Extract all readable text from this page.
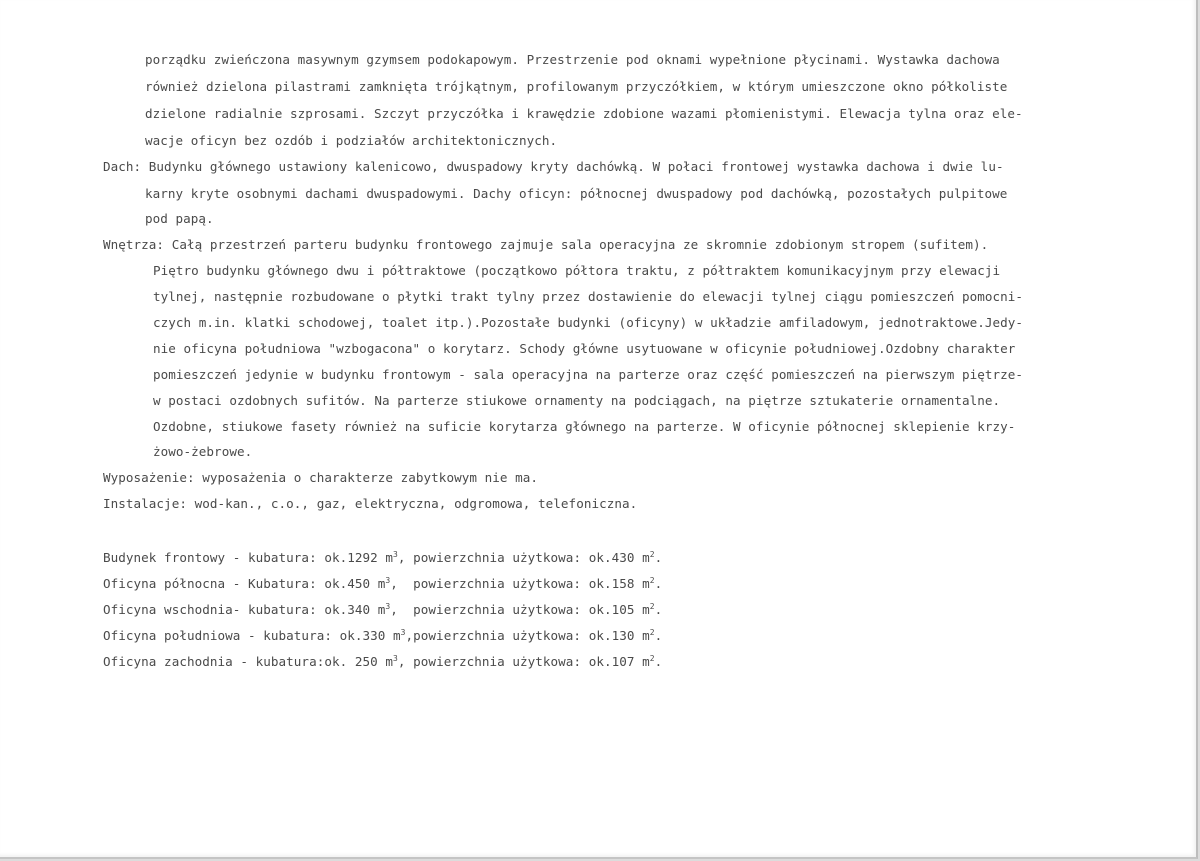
porządku zwieńczona masywnym gzymsem podokapowym. Przestrzenie pod oknami wypełnione płycinami. Wystawka dachowa

również dzielona pilastrami zamknięta trójkątnym, profilowanym przyczółkiem, w którym umieszczone okno półkoliste

dzielone radialnie szprosami. Szczyt przyczółka i krawędzie zdobione wazami płomienistymi. Elewacja tylna oraz ele-

wacje oficyn bez ozdób i podziałów architektonicznych.

Dach: Budynku głównego ustawiony kalenicowo, dwuspadowy kryty dachówką. W połaci frontowej wystawka dachowa i dwie lu-

karny kryte osobnymi dachami dwuspadowymi. Dachy oficyn: północnej dwuspadowy pod dachówką, pozostałych pulpitowe

pod papą.

Wnętrza: Całą przestrzeń parteru budynku frontowego zajmuje sala operacyjna ze skromnie zdobionym stropem (sufitem).

Piętro budynku głównego dwu i półtraktowe (początkowo półtora traktu, z półtraktem komunikacyjnym przy elewacji

tylnej, następnie rozbudowane o płytki trakt tylny przez dostawienie do elewacji tylnej ciągu pomieszczeń pomocni-

czych m.in. klatki schodowej, toalet itp.).Pozostałe budynki (oficyny) w układzie amfiladowym, jednotraktowe.Jedy-

nie oficyna południowa "wzbogacona" o korytarz. Schody główne usytuowane w oficynie południowej.Ozdobny charakter

pomieszczeń jedynie w budynku frontowym - sala operacyjna na parterze oraz część pomieszczeń na pierwszym piętrze-

w postaci ozdobnych sufitów. Na parterze stiukowe ornamenty na podciągach, na piętrze sztukaterie ornamentalne.

Ozdobne, stiukowe fasety również na suficie korytarza głównego na parterze. W oficynie północnej sklepienie krzy-

żowo-żebrowe.

Wyposażenie: wyposażenia o charakterze zabytkowym nie ma.

Instalacje: wod-kan., c.o., gaz, elektryczna, odgromowa, telefoniczna.

Budynek frontowy - kubatura: ok.1292 $m^3$, powierzchnia użytkowa: ok.430 $m^2$.

Oficyna północna - Kubatura: ok.450 $m^3$,  powierzchnia użytkowa: ok.158 $m^2$.

Oficyna wschodnia- kubatura: ok.340 $m^3$,  powierzchnia użytkowa: ok.105 $m^2$.

Oficyna południowa - kubatura: ok.330 $m^3,powierzchnia$ użytkowa: ok.130 $m^2$.

Oficyna zachodnia - kubatura:ok. 250 $m^3$, powierzchnia użytkowa: ok.107 $m^2$.
